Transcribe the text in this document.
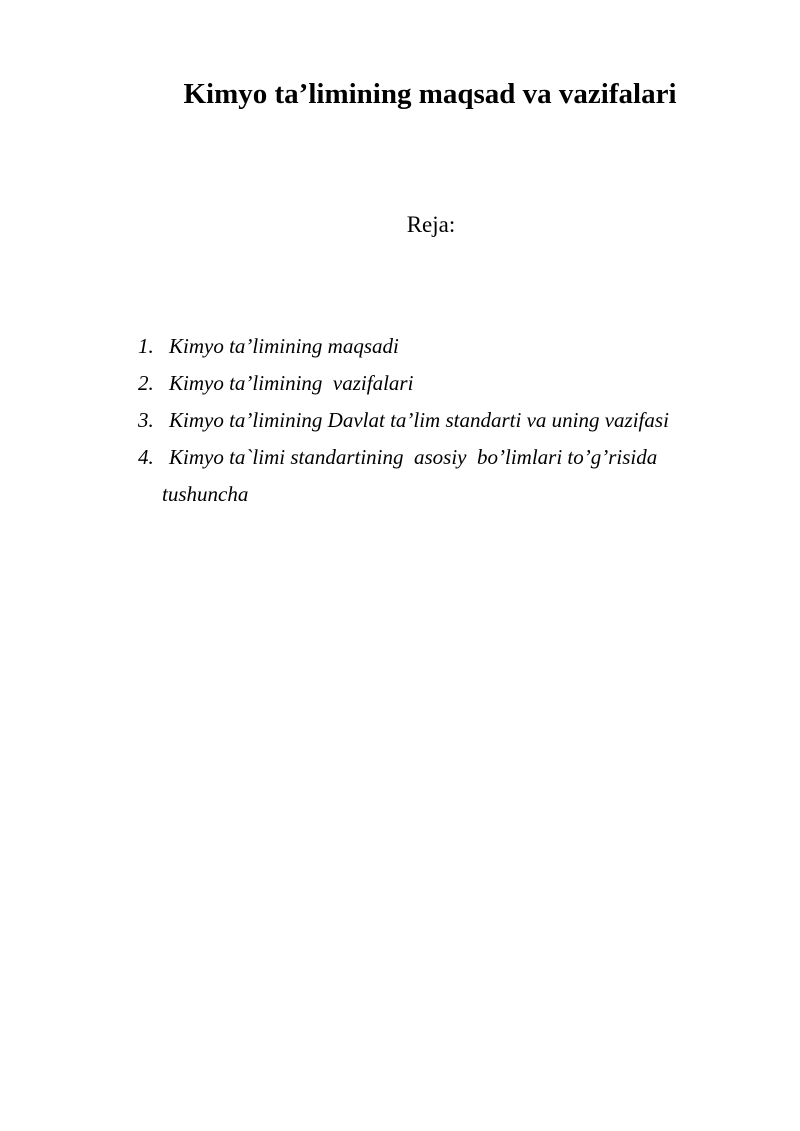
Kimyo ta’limining maqsad va vazifalari
Reja:
1. Kimyo ta’limining maqsadi
2. Kimyo ta’limining  vazifalari
3. Kimyo ta’limining Davlat ta’lim standarti va uning vazifasi
4. Kimyo ta`limi standartining  asosiy  bo’limlari to’g’risida
tushuncha
